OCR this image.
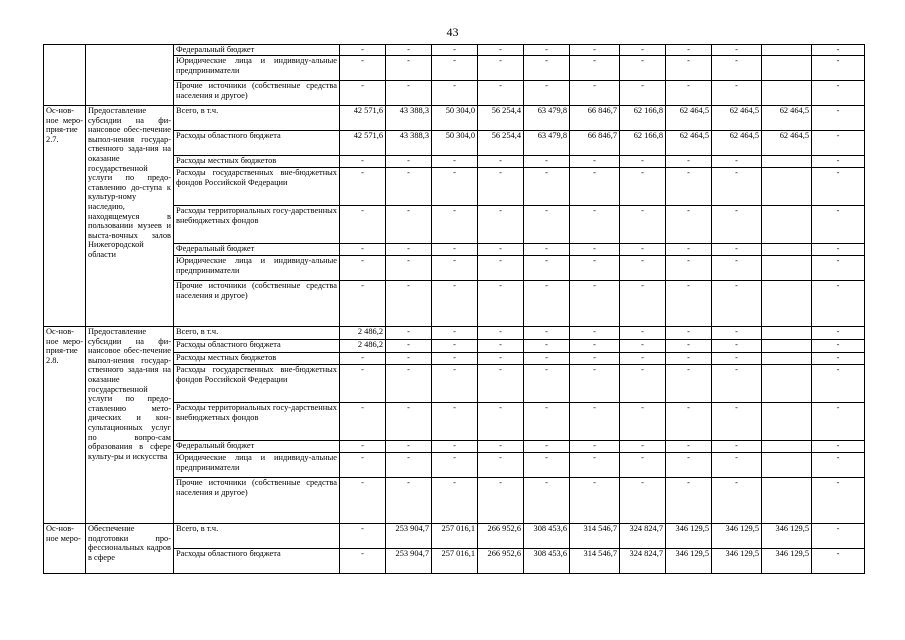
43
		Федеральный бюджет	-	-	-	-	-	-	-	-	-		-
		Юридические лица и индивиду-альные предприниматели	-	-	-	-	-	-	-	-	-		-
		Прочие источники (собственные средства населения и другое)	-	-	-	-	-	-	-	-	-		-
Ос-нов-ное меро-прия-тие 2.7.	Предоставление субсидии на фи-нансовое обес-печение выпол-нения государ-ственного зада-ния на оказание государственной услуги по предо-ставлению до-ступа к культур-ному наследию, находящемуся в пользовании музеев и выста-вочных залов Нижегородской области	Всего, в т.ч.	42 571,6	43 388,3	50 304,0	56 254,4	63 479,8	66 846,7	62 166,8	62 464,5	62 464,5	62 464,5	-
		Расходы областного бюджета	42 571,6	43 388,3	50 304,0	56 254,4	63 479,8	66 846,7	62 166,8	62 464,5	62 464,5	62 464,5	-
		Расходы местных бюджетов	-	-	-	-	-	-	-	-	-		-
		Расходы государственных вне-бюджетных фондов Российской Федерации	-	-	-	-	-	-	-	-	-		-
		Расходы территориальных госу-дарственных внебюджетных фондов	-	-	-	-	-	-	-	-	-		-
		Федеральный бюджет	-	-	-	-	-	-	-	-	-		-
		Юридические лица и индивиду-альные предприниматели	-	-	-	-	-	-	-	-	-		-
		Прочие источники (собственные средства населения и другое)	-	-	-	-	-	-	-	-	-		-
Ос-нов-ное меро-прия-тие 2.8.	Предоставление субсидии на фи-нансовое обес-печение выпол-нения государ-ственного зада-ния на оказание государственной услуги по предо-ставлению мето-дических и кон-сультационных услуг по вопро-сам образования в сфере культу-ры и искусства	Всего, в т.ч.	2 486,2	-	-	-	-	-	-	-	-		-
		Расходы областного бюджета	2 486,2	-	-	-	-	-	-	-	-		-
		Расходы местных бюджетов	-	-	-	-	-	-	-	-	-		-
		Расходы государственных вне-бюджетных фондов Российской Федерации	-	-	-	-	-	-	-	-	-		-
		Расходы территориальных госу-дарственных внебюджетных фондов	-	-	-	-	-	-	-	-	-		-
		Федеральный бюджет	-	-	-	-	-	-	-	-	-		-
		Юридические лица и индивиду-альные предприниматели	-	-	-	-	-	-	-	-	-		-
		Прочие источники (собственные средства населения и другое)	-	-	-	-	-	-	-	-	-		-
Ос-нов-ное меро-	Обеспечение подготовки про-фессиональных кадров в сфере	Всего, в т.ч.	-	253 904,7	257 016,1	266 952,6	308 453,6	314 546,7	324 824,7	346 129,5	346 129,5	346 129,5	-
		Расходы областного бюджета	-	253 904,7	257 016,1	266 952,6	308 453,6	314 546,7	324 824,7	346 129,5	346 129,5	346 129,5	-
